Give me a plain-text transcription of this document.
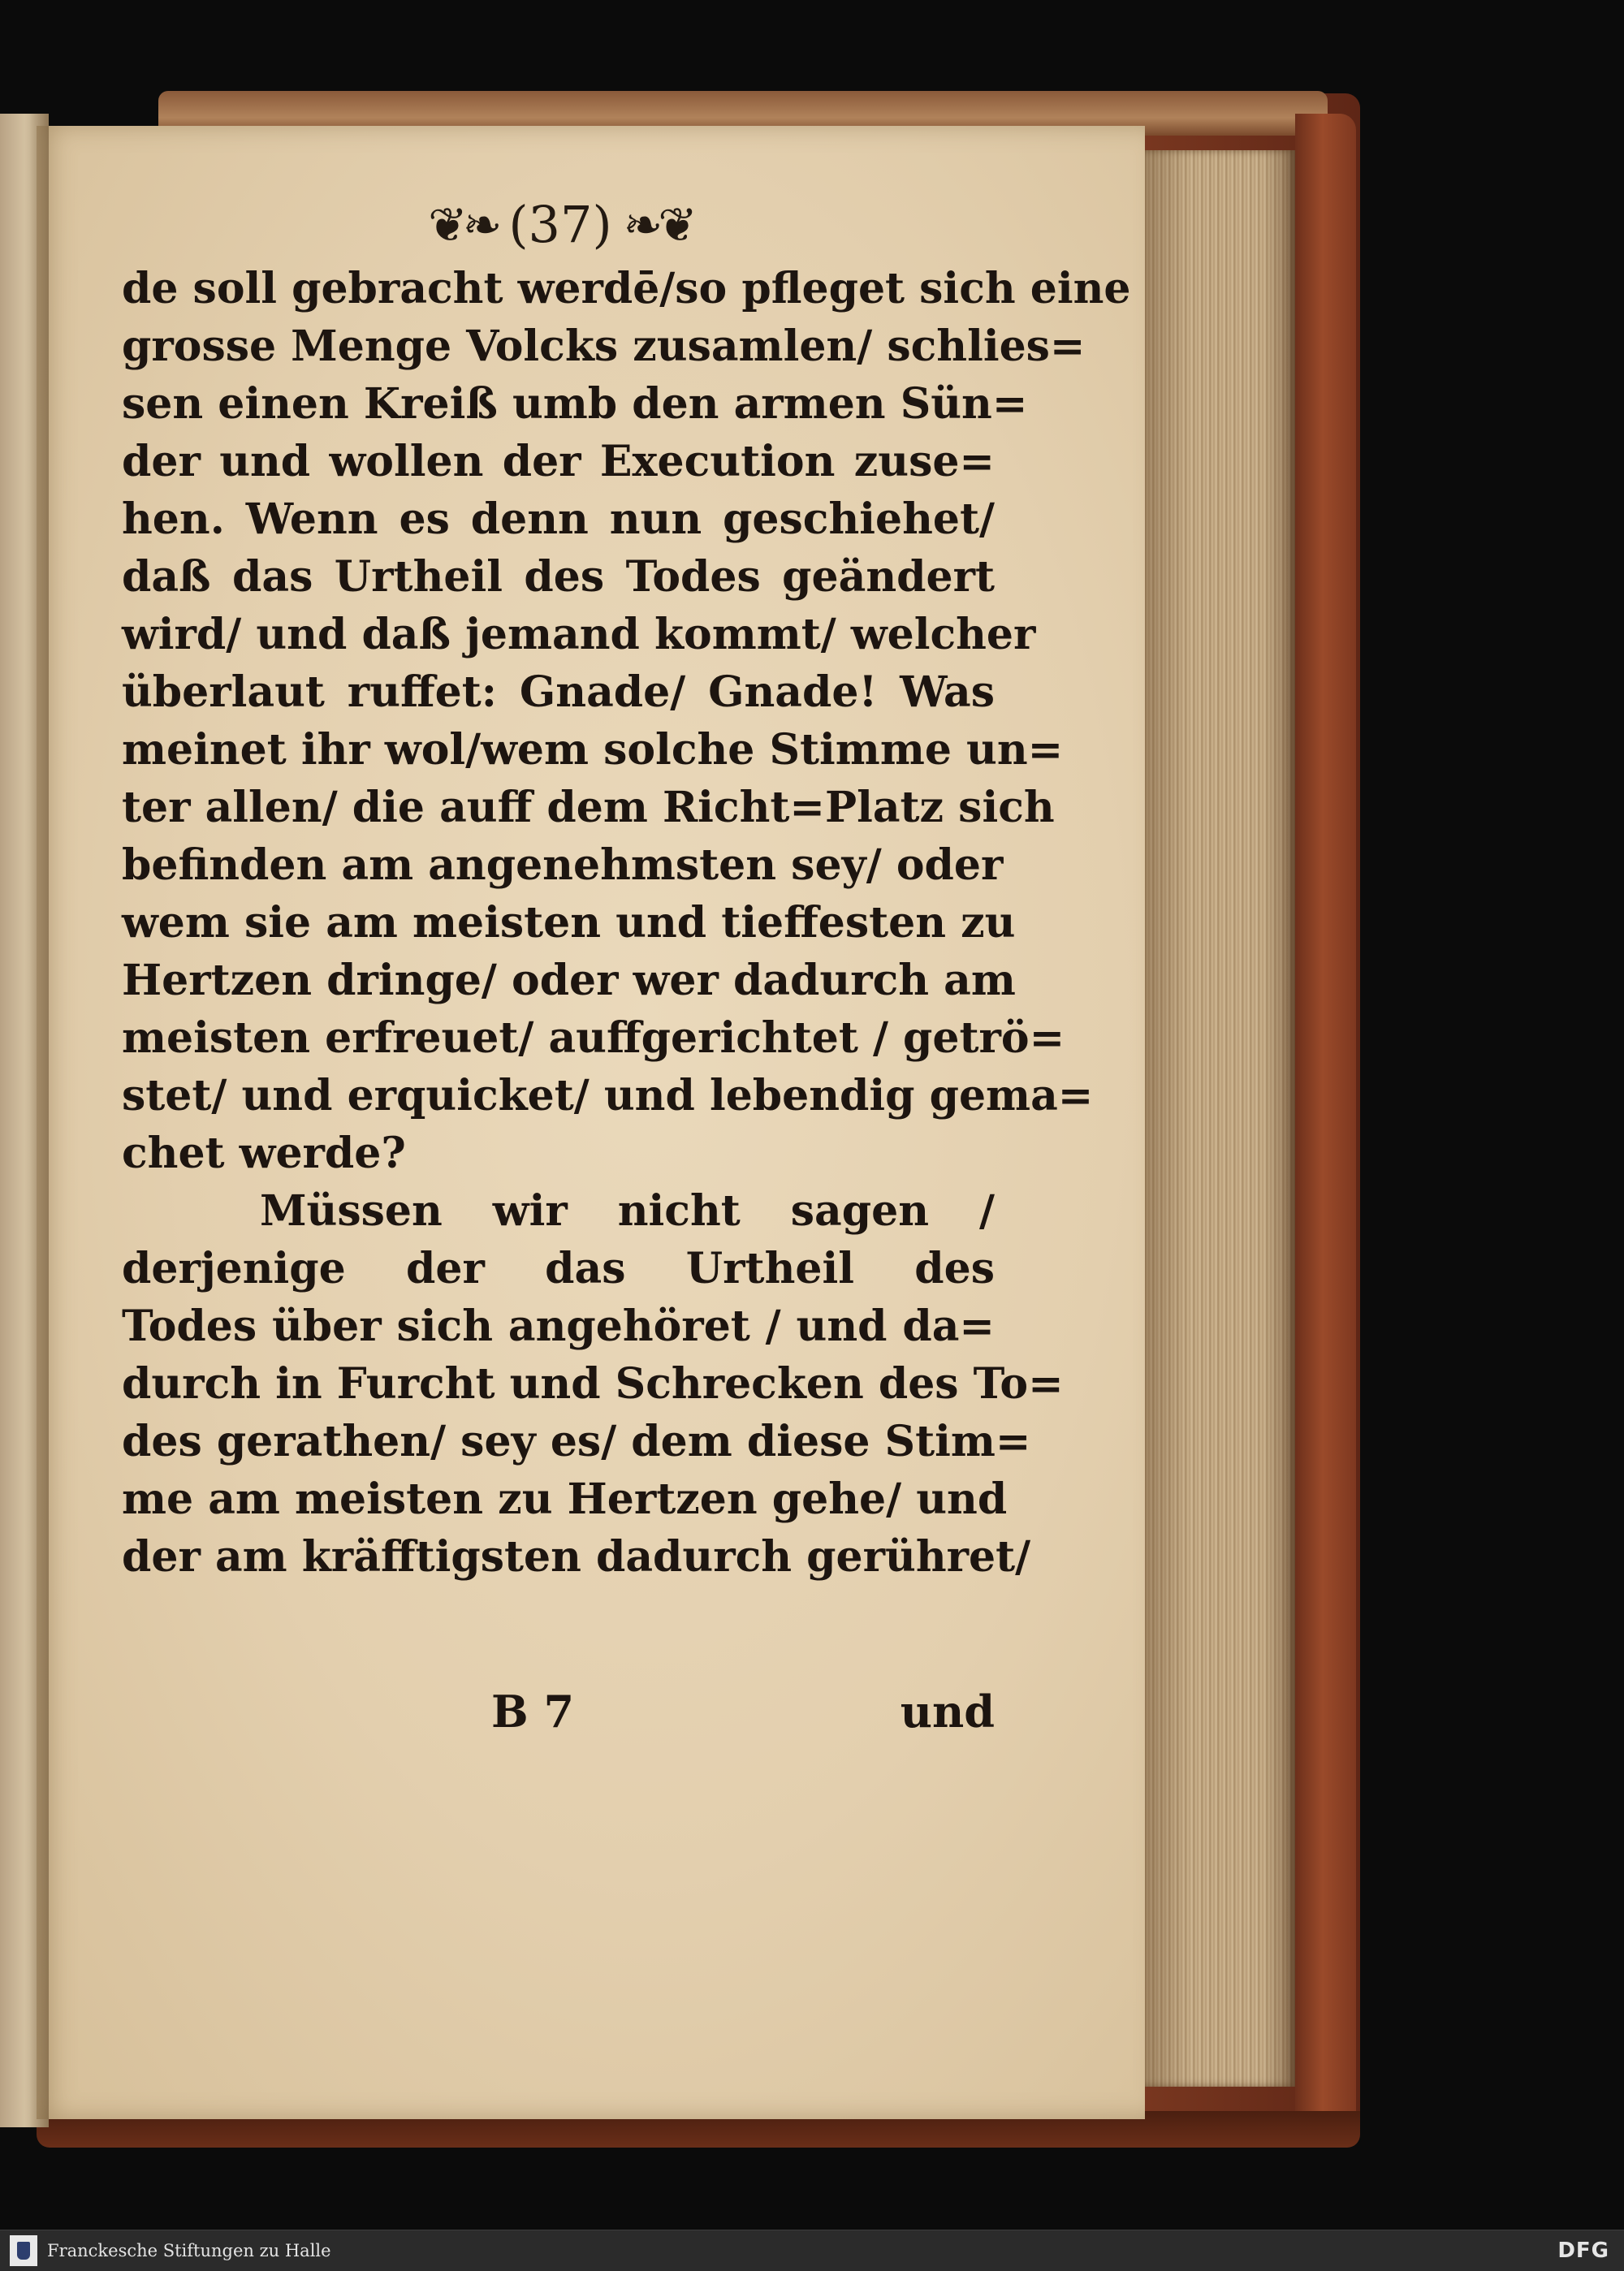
❦❧ (37) ❧❦
de soll gebracht werdē/so pfleget sich eine
grosse Menge Volcks zusamlen/ schlies=
sen einen Kreiß umb den armen Sün=
der und wollen der Execution zuse=
hen. Wenn es denn nun geschiehet/
daß das Urtheil des Todes geändert
wird/ und daß jemand kommt/ welcher
überlaut ruffet: Gnade/ Gnade! Was
meinet ihr wol/wem solche Stimme un=
ter allen/ die auff dem Richt=Platz sich
befinden am angenehmsten sey/ oder
wem sie am meisten und tieffesten zu
Hertzen dringe/ oder wer dadurch am
meisten erfreuet/ auffgerichtet / getrö=
stet/ und erquicket/ und lebendig gema=
chet werde?
Müssen wir nicht sagen /
derjenige der das Urtheil des
Todes über sich angehöret / und da=
durch in Furcht und Schrecken des To=
des gerathen/ sey es/ dem diese Stim=
me am meisten zu Hertzen gehe/ und
der am kräfftigsten dadurch gerühret/
B 7	und
Franckesche Stiftungen zu Halle	DFG
